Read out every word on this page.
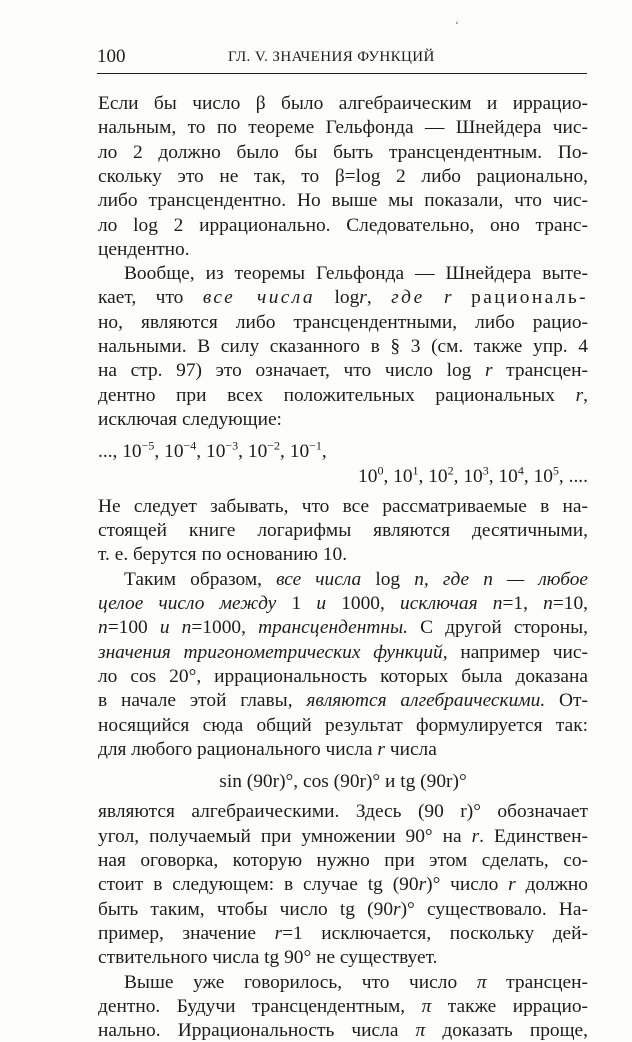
‘
100	ГЛ. V. ЗНАЧЕНИЯ ФУНКЦИЙ
Если бы число β было алгебраическим и иррацио-
нальным, то по теореме Гельфонда — Шнейдера чис-
ло 2 должно было бы быть трансцендентным. По-
скольку это не так, то β=log 2 либо рационально,
либо трансцендентно. Но выше мы показали, что чис-
ло log 2 иррационально. Следовательно, оно транс-
цендентно.
Вообще, из теоремы Гельфонда — Шнейдера выте-
кает, что все числа logr, где r рациональ-
но, являются либо трансцендентными, либо рацио-
нальными. В силу сказанного в § 3 (см. также упр. 4
на стр. 97) это означает, что число log r трансцен-
дентно при всех положительных рациональных r,
исключая следующие:
..., $10^{-5}$, $10^{-4}$, $10^{-3}$, $10^{-2}$, $10^{-1}$,
$10^0$, $10^1$, $10^2$, $10^3$, $10^4$, $10^5$, ....
Не следует забывать, что все рассматриваемые в на-
стоящей книге логарифмы являются десятичными,
т. е. берутся по основанию 10.
Таким образом, все числа log n, где n — любое
целое число между 1 и 1000, исключая n=1, n=10,
n=100 и n=1000, трансцендентны. С другой стороны,
значения тригонометрических функций, например чис-
ло cos 20°, иррациональность которых была доказана
в начале этой главы, являются алгебраическими. От-
носящийся сюда общий результат формулируется так:
для любого рационального числа r числа
sin (90r)°, cos (90r)° и tg (90r)°
являются алгебраическими. Здесь (90 r)° обозначает
угол, получаемый при умножении 90° на r. Единствен-
ная оговорка, которую нужно при этом сделать, со-
стоит в следующем: в случае tg (90r)° число r должно
быть таким, чтобы число tg (90r)° существовало. На-
пример, значение r=1 исключается, поскольку дей-
ствительного числа tg 90° не существует.
Выше уже говорилось, что число π трансцен-
дентно. Будучи трансцендентным, π также иррацио-
нально. Иррациональность числа π доказать проще,
